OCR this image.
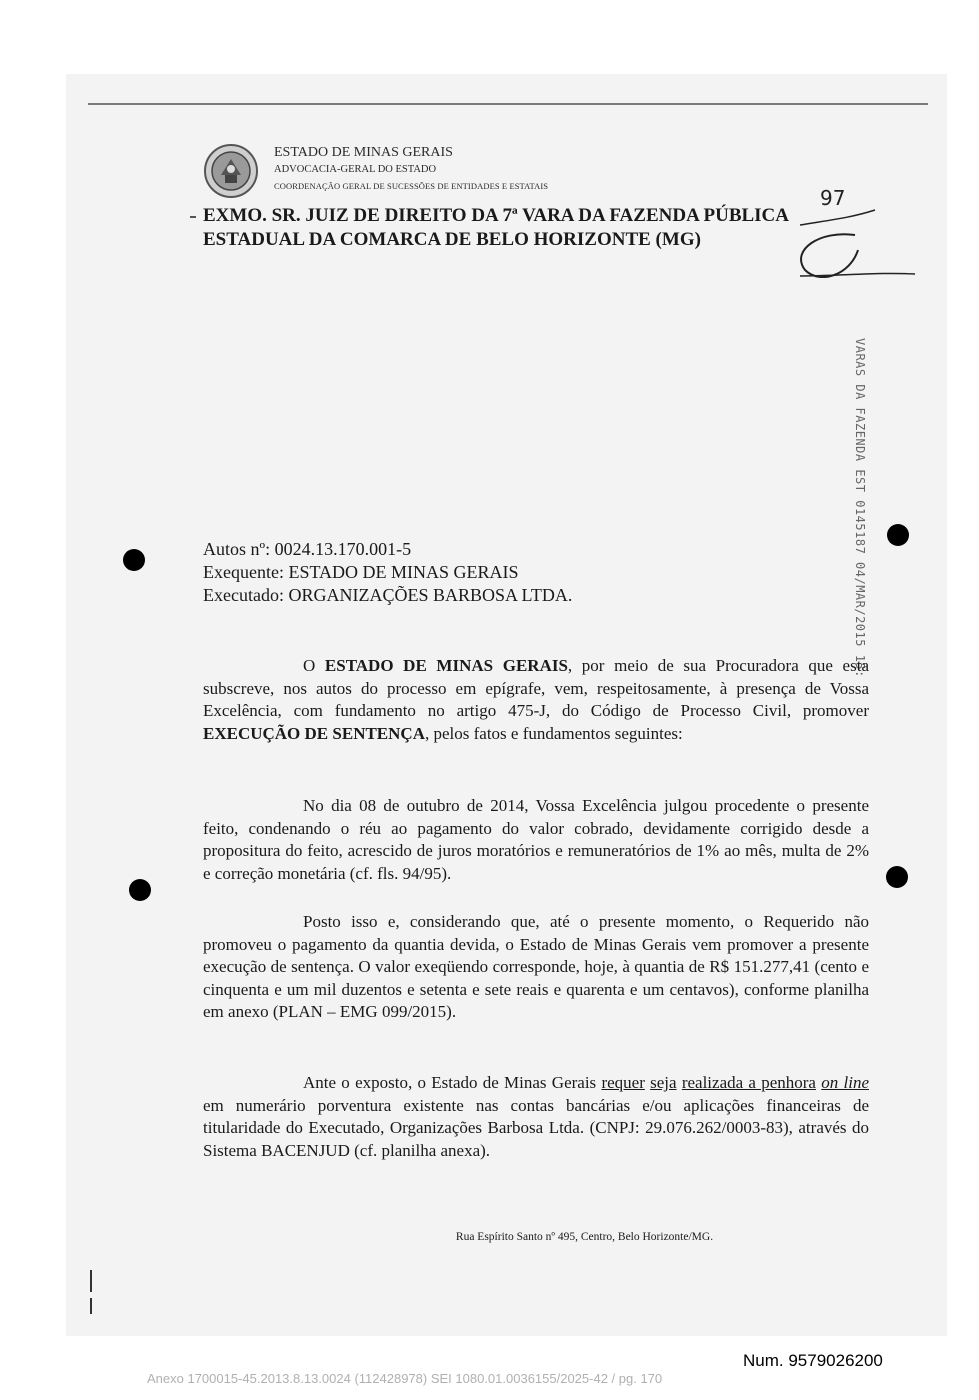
ESTADO DE MINAS GERAIS
ADVOCACIA-GERAL DO ESTADO
COORDENAÇÃO GERAL DE SUCESSÕES DE ENTIDADES E ESTATAIS
EXMO. SR. JUIZ DE DIREITO DA 7ª VARA DA FAZENDA PÚBLICA
ESTADUAL DA COMARCA DE BELO HORIZONTE (MG)
97
VARAS DA FAZENDA EST 0145187 04/MAR/2015 15:
Autos nº: 0024.13.170.001-5
Exequente: ESTADO DE MINAS GERAIS
Executado: ORGANIZAÇÕES BARBOSA LTDA.
O ESTADO DE MINAS GERAIS, por meio de sua Procuradora que esta subscreve, nos autos do processo em epígrafe, vem, respeitosamente, à presença de Vossa Excelência, com fundamento no artigo 475-J, do Código de Processo Civil, promover EXECUÇÃO DE SENTENÇA, pelos fatos e fundamentos seguintes:
No dia 08 de outubro de 2014, Vossa Excelência julgou procedente o presente feito, condenando o réu ao pagamento do valor cobrado, devidamente corrigido desde a propositura do feito, acrescido de juros moratórios e remuneratórios de 1% ao mês, multa de 2% e correção monetária (cf. fls. 94/95).
Posto isso e, considerando que, até o presente momento, o Requerido não promoveu o pagamento da quantia devida, o Estado de Minas Gerais vem promover a presente execução de sentença. O valor exeqüendo corresponde, hoje, à quantia de R$ 151.277,41 (cento e cinquenta e um mil duzentos e setenta e sete reais e quarenta e um centavos), conforme planilha em anexo (PLAN – EMG 099/2015).
Ante o exposto, o Estado de Minas Gerais requer seja realizada a penhora on line em numerário porventura existente nas contas bancárias e/ou aplicações financeiras de titularidade do Executado, Organizações Barbosa Ltda. (CNPJ: 29.076.262/0003-83), através do Sistema BACENJUD (cf. planilha anexa).
Rua Espírito Santo nº 495, Centro, Belo Horizonte/MG.
Num. 9579026200
Anexo 1700015-45.2013.8.13.0024 (112428978) SEI 1080.01.0036155/2025-42 / pg. 170
